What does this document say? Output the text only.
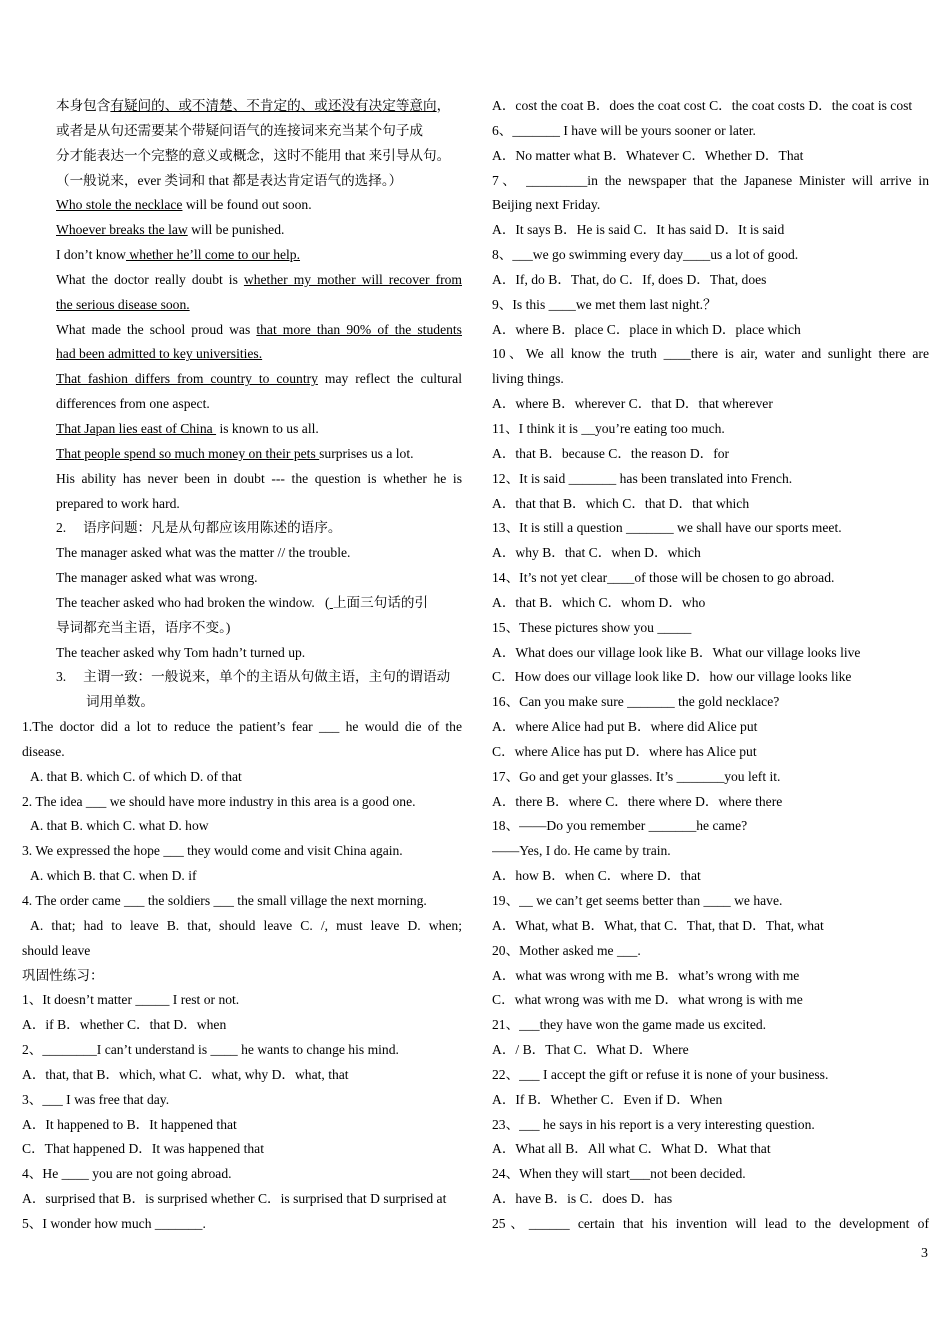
本身包含有疑问的、或不清楚、不肯定的、或还没有决定等意向，
或者是从句还需要某个带疑问语气的连接词来充当某个句子成
分才能表达一个完整的意义或概念，这时不能用 that 来引导从句。
（一般说来，ever 类词和 that 都是表达肯定语气的选择。）
Who stole the necklace will be found out soon.
Whoever breaks the law will be punished.
I don’t know whether he’ll come to our help.
What the doctor really doubt is whether my mother will recover from
the serious disease soon.
What made the school proud was that more than 90% of the students
had been admitted to key universities.
That fashion differs from country to country may reflect the cultural
differences from one aspect.
That Japan lies east of China  is known to us all.
That people spend so much money on their pets surprises us a lot.
His ability has never been in doubt --- the question is whether he is
prepared to work hard.
2.　 语序问题：凡是从句都应该用陈述的语序。
The manager asked what was the matter // the trouble.
The manager asked what was wrong.
The teacher asked who had broken the window.   ( 上面三句话的引
导词都充当主语，语序不变。)
The teacher asked why Tom hadn’t turned up.
3.　 主谓一致：一般说来，单个的主语从句做主语，主句的谓语动
词用单数。
1.The doctor did a lot to reduce the patient’s fear ___ he would die of the
disease.
A. that B. which C. of which D. of that
2. The idea ___ we should have more industry in this area is a good one.
A. that B. which C. what D. how
3. We expressed the hope ___ they would come and visit China again.
A. which B. that C. when D. if
4. The order came ___ the soldiers ___ the small village the next morning.
A. that; had to leave B. that, should leave C. /, must leave D. when;
should leave
巩固性练习：
1、It doesn’t matter _____ I rest or not.
A．if B．whether C．that D．when
2、________I can’t understand is ____ he wants to change his mind.
A．that, that B．which, what C．what, why D．what, that
3、___ I was free that day.
A．It happened to B．It happened that
C．That happened D．It was happened that
4、He ____ you are not going abroad.
A．surprised that B．is surprised whether C．is surprised that D surprised at
5、I wonder how much _______.
A．cost the coat B．does the coat cost C．the coat costs D．the coat is cost
6、_______ I have will be yours sooner or later.
A．No matter what B．Whatever C．Whether D．That
7、 _________in the newspaper that the Japanese Minister will arrive in
Beijing next Friday.
A．It says B．He is said C．It has said D．It is said
8、___we go swimming every day____us a lot of good.
A．If, do B．That, do C．If, does D．That, does
9、Is this ____we met them last night.？
A．where B．place C．place in which D．place which
10、We all know the truth ____there is air, water and sunlight there are
living things.
A．where B．wherever C．that D．that wherever
11、I think it is __you’re eating too much.
A．that B．because C．the reason D．for
12、It is said _______ has been translated into French.
A．that that B．which C．that D．that which
13、It is still a question _______ we shall have our sports meet.
A．why B．that C．when D．which
14、It’s not yet clear____of those will be chosen to go abroad.
A．that B．which C．whom D．who
15、These pictures show you _____
A．What does our village look like B．What our village looks live
C．How does our village look like D．how our village looks like
16、Can you make sure _______ the gold necklace?
A．where Alice had put B．where did Alice put
C．where Alice has put D．where has Alice put
17、Go and get your glasses. It’s _______you left it.
A．there B．where C．there where D．where there
18、——Do you remember _______he came?
——Yes, I do. He came by train.
A．how B．when C．where D．that
19、__ we can’t get seems better than ____ we have.
A．What, what B．What, that C．That, that D．That, what
20、Mother asked me ___.
A．what was wrong with me B．what’s wrong with me
C．what wrong was with me D．what wrong is with me
21、___they have won the game made us excited.
A．/ B．That C．What D．Where
22、___ I accept the gift or refuse it is none of your business.
A．If B．Whether C．Even if D．When
23、___ he says in his report is a very interesting question.
A．What all B．All what C．What D．What that
24、When they will start___not been decided.
A．have B．is C．does D．has
25、______ certain that his invention will lead to the development of
3
